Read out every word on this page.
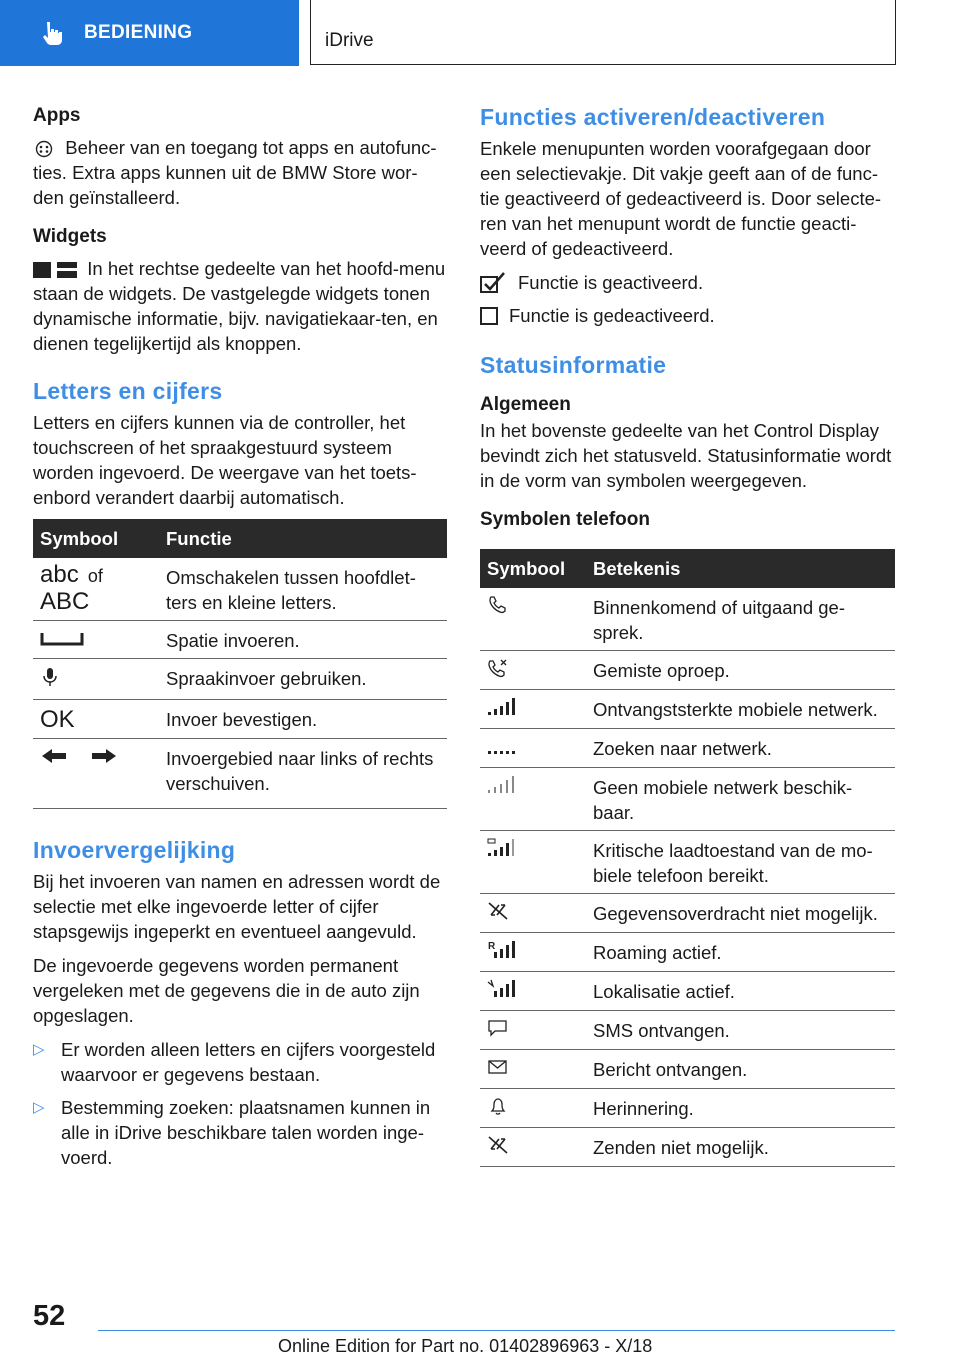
BEDIENING	iDrive
Apps

Beheer van en toegang tot apps en autofunc-ties. Extra apps kunnen uit de BMW Store wor-den geïnstalleerd.

Widgets

In het rechtse gedeelte van het hoofd-menu staan de widgets. De vastgelegde widgets tonen dynamische informatie, bijv. navigatiekaar-ten, en dienen tegelijkertijd als knoppen.

Letters en cijfers

Letters en cijfers kunnen via de controller, het touchscreen of het spraakgestuurd systeem worden ingevoerd. De weergave van het toets-enbord verandert daarbij automatisch.

Symbool	Functie
abc of
ABC	Omschakelen tussen hoofdlet-ters en kleine letters.
	Spatie invoeren.
	Spraakinvoer gebruiken.
OK	Invoer bevestigen.
	Invoergebied naar links of rechts verschuiven.
Invoervergelijking

Bij het invoeren van namen en adressen wordt de selectie met elke ingevoerde letter of cijfer stapsgewijs ingeperkt en eventueel aangevuld.

De ingevoerde gegevens worden permanent vergeleken met de gegevens die in de auto zijn opgeslagen.

▷ Er worden alleen letters en cijfers voorgesteld waarvoor er gegevens bestaan.
▷ Bestemming zoeken: plaatsnamen kunnen in alle in iDrive beschikbare talen worden inge-voerd.
Functies activeren/deactiveren

Enkele menupunten worden voorafgegaan door een selectievakje. Dit vakje geeft aan of de func-tie geactiveerd of gedeactiveerd is. Door selecte-ren van het menupunt wordt de functie geacti-veerd of gedeactiveerd.

Functie is geactiveerd.
Functie is gedeactiveerd.
Statusinformatie
Algemeen

In het bovenste gedeelte van het Control Display bevindt zich het statusveld. Statusinformatie wordt in de vorm van symbolen weergegeven.

Symbolen telefoon
Symbool	Betekenis
	Binnenkomend of uitgaand ge-sprek.
	Gemiste oproep.
	Ontvangststerkte mobiele netwerk.
	Zoeken naar netwerk.
	Geen mobiele netwerk beschik-baar.
	Kritische laadtoestand van de mo-biele telefoon bereikt.
	Gegevensoverdracht niet mogelijk.

R	Roaming actief.
	Lokalisatie actief.
	SMS ontvangen.
	Bericht ontvangen.
	Herinnering.
	Zenden niet mogelijk.
52
Online Edition for Part no. 01402896963 - X/18
